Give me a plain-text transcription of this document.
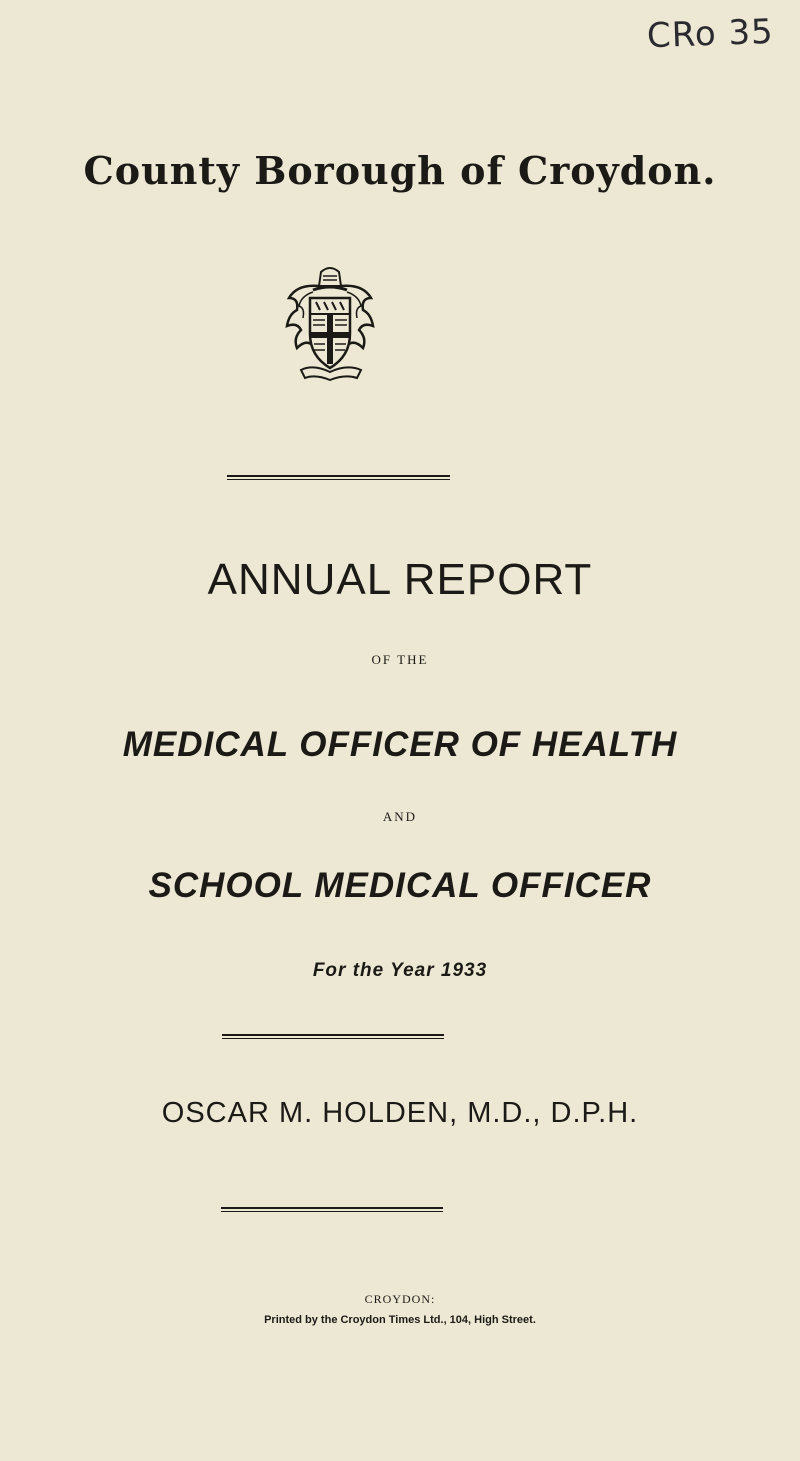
CRo 35
County Borough of Croydon.
ANNUAL REPORT
OF THE
MEDICAL OFFICER OF HEALTH
AND
SCHOOL MEDICAL OFFICER
For the Year 1933
OSCAR M. HOLDEN, M.D., D.P.H.
CROYDON:
Printed by the Croydon Times Ltd., 104, High Street.
